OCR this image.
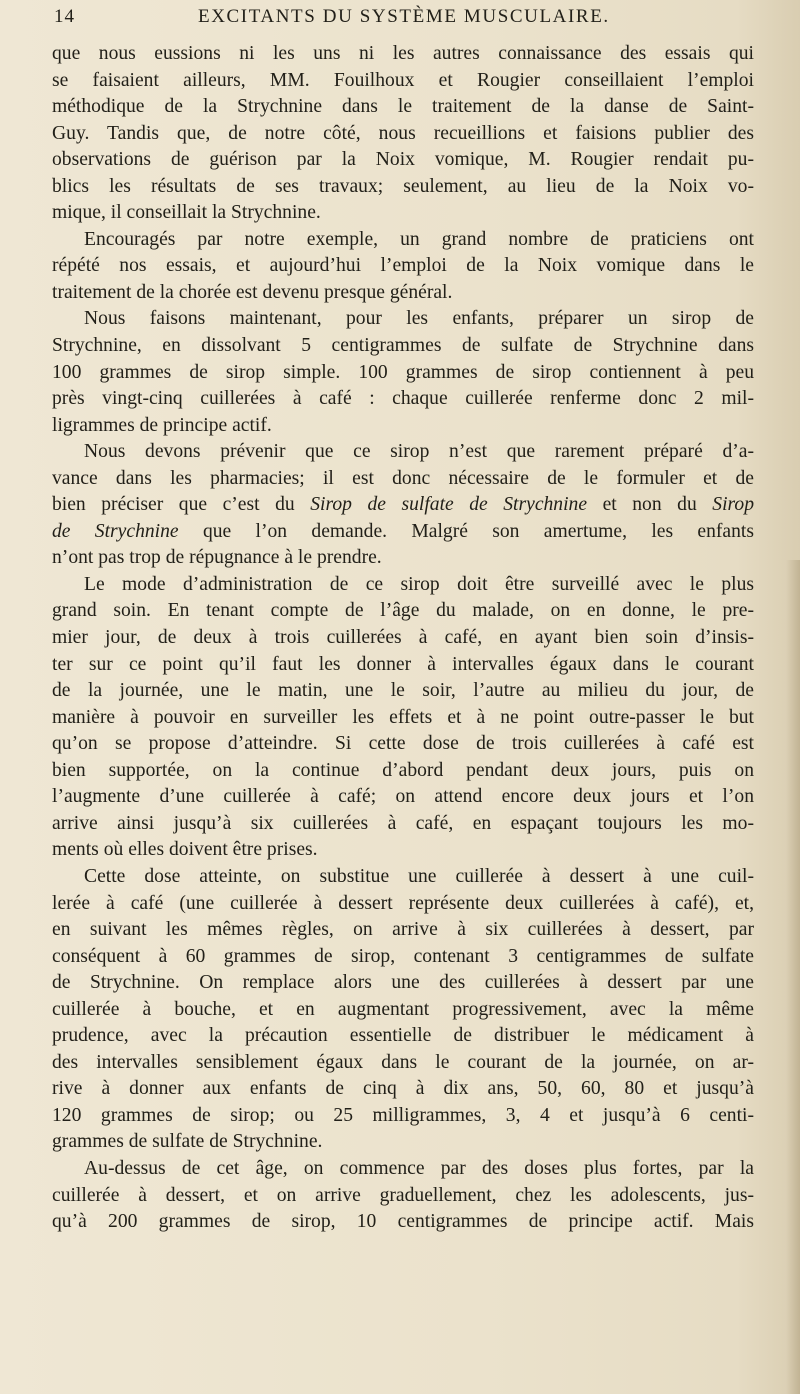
14	EXCITANTS DU SYSTÈME MUSCULAIRE.
que nous eussions ni les uns ni les autres connaissance des essais qui
se faisaient ailleurs, MM. Fouilhoux et Rougier conseillaient l’emploi
méthodique de la Strychnine dans le traitement de la danse de Saint-
Guy. Tandis que, de notre côté, nous recueillions et faisions publier des
observations de guérison par la Noix vomique, M. Rougier rendait pu-
blics les résultats de ses travaux; seulement, au lieu de la Noix vo-
mique, il conseillait la Strychnine.
Encouragés par notre exemple, un grand nombre de praticiens ont
répété nos essais, et aujourd’hui l’emploi de la Noix vomique dans le
traitement de la chorée est devenu presque général.
Nous faisons maintenant, pour les enfants, préparer un sirop de
Strychnine, en dissolvant 5 centigrammes de sulfate de Strychnine dans
100 grammes de sirop simple. 100 grammes de sirop contiennent à peu
près vingt-cinq cuillerées à café : chaque cuillerée renferme donc 2 mil-
ligrammes de principe actif.
Nous devons prévenir que ce sirop n’est que rarement préparé d’a-
vance dans les pharmacies; il est donc nécessaire de le formuler et de
bien préciser que c’est du Sirop de sulfate de Strychnine et non du Sirop
de Strychnine que l’on demande. Malgré son amertume, les enfants
n’ont pas trop de répugnance à le prendre.
Le mode d’administration de ce sirop doit être surveillé avec le plus
grand soin. En tenant compte de l’âge du malade, on en donne, le pre-
mier jour, de deux à trois cuillerées à café, en ayant bien soin d’insis-
ter sur ce point qu’il faut les donner à intervalles égaux dans le courant
de la journée, une le matin, une le soir, l’autre au milieu du jour, de
manière à pouvoir en surveiller les effets et à ne point outre-passer le but
qu’on se propose d’atteindre. Si cette dose de trois cuillerées à café est
bien supportée, on la continue d’abord pendant deux jours, puis on
l’augmente d’une cuillerée à café; on attend encore deux jours et l’on
arrive ainsi jusqu’à six cuillerées à café, en espaçant toujours les mo-
ments où elles doivent être prises.
Cette dose atteinte, on substitue une cuillerée à dessert à une cuil-
lerée à café (une cuillerée à dessert représente deux cuillerées à café), et,
en suivant les mêmes règles, on arrive à six cuillerées à dessert, par
conséquent à 60 grammes de sirop, contenant 3 centigrammes de sulfate
de Strychnine. On remplace alors une des cuillerées à dessert par une
cuillerée à bouche, et en augmentant progressivement, avec la même
prudence, avec la précaution essentielle de distribuer le médicament à
des intervalles sensiblement égaux dans le courant de la journée, on ar-
rive à donner aux enfants de cinq à dix ans, 50, 60, 80 et jusqu’à
120 grammes de sirop; ou 25 milligrammes, 3, 4 et jusqu’à 6 centi-
grammes de sulfate de Strychnine.
Au-dessus de cet âge, on commence par des doses plus fortes, par la
cuillerée à dessert, et on arrive graduellement, chez les adolescents, jus-
qu’à 200 grammes de sirop, 10 centigrammes de principe actif. Mais
